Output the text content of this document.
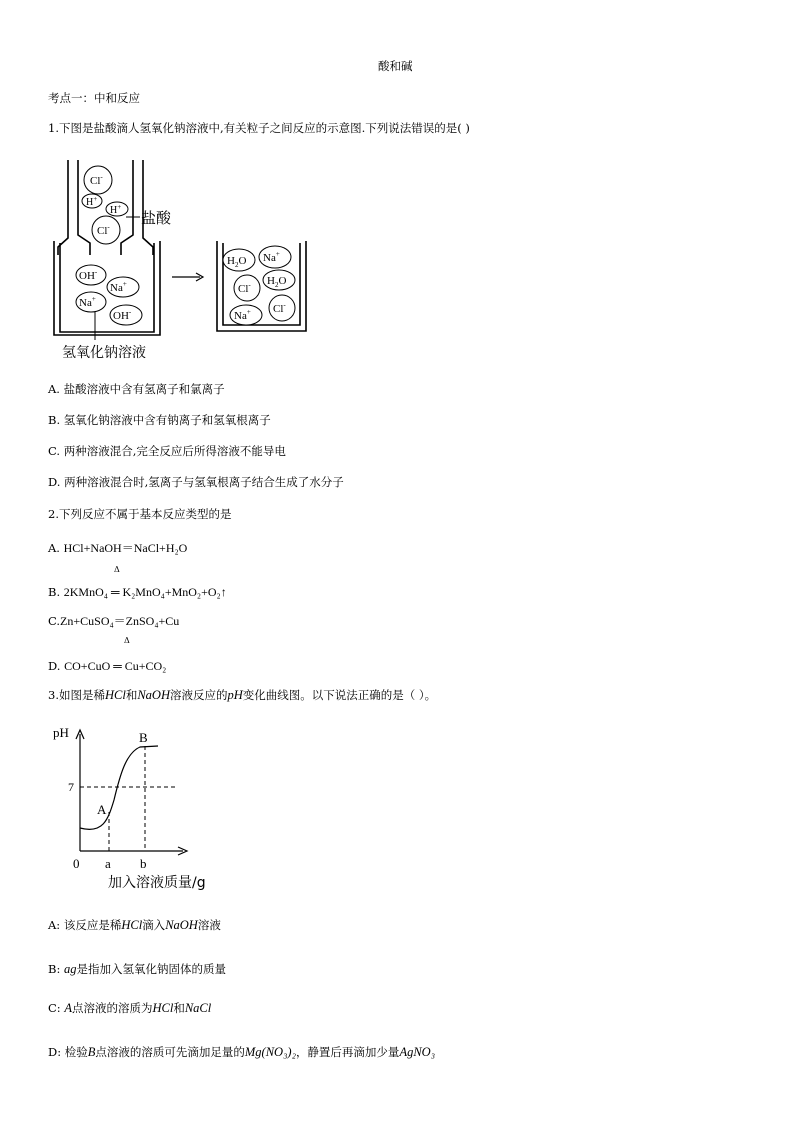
酸和碱
考点一：中和反应
1.下图是盐酸滴人氢氧化钠溶液中,有关粒子之间反应的示意图.下列说法错误的是( )
Cl-
H+
H+
Cl- 盐酸
OH-
Na+
Na+
OH-
氢氧化钠溶液
$H_2O$ Na+
Cl- $H_2O$
Cl-
Na+
A. 盐酸溶液中含有氢离子和氯离子
B. 氢氧化钠溶液中含有钠离子和氢氧根离子
C. 两种溶液混合,完全反应后所得溶液不能导电
D. 两种溶液混合时,氢离子与氢氧根离子结合生成了水分子
2.下列反应不属于基本反应类型的是
A. HCl+NaOH＝NaCl+H₂O
Δ
B. 2KMnO₄ ═ K₂MnO₄+MnO₂+O₂↑
C.Zn+CuSO₄＝ZnSO₄+Cu
Δ
D. CO+CuO ═ Cu+CO₂
3.如图是稀HCl和NaOH溶液反应的pH变化曲线图。以下说法正确的是（ ）。
pH
7
A
B
0 a b
加入溶液质量/g
A: 该反应是稀HCl滴入NaOH溶液
B: ag是指加入氢氧化钠固体的质量
C: A点溶液的溶质为HCl和NaCl
D: 检验B点溶液的溶质可先滴加足量的Mg(NO₃)₂，静置后再滴加少量AgNO₃
